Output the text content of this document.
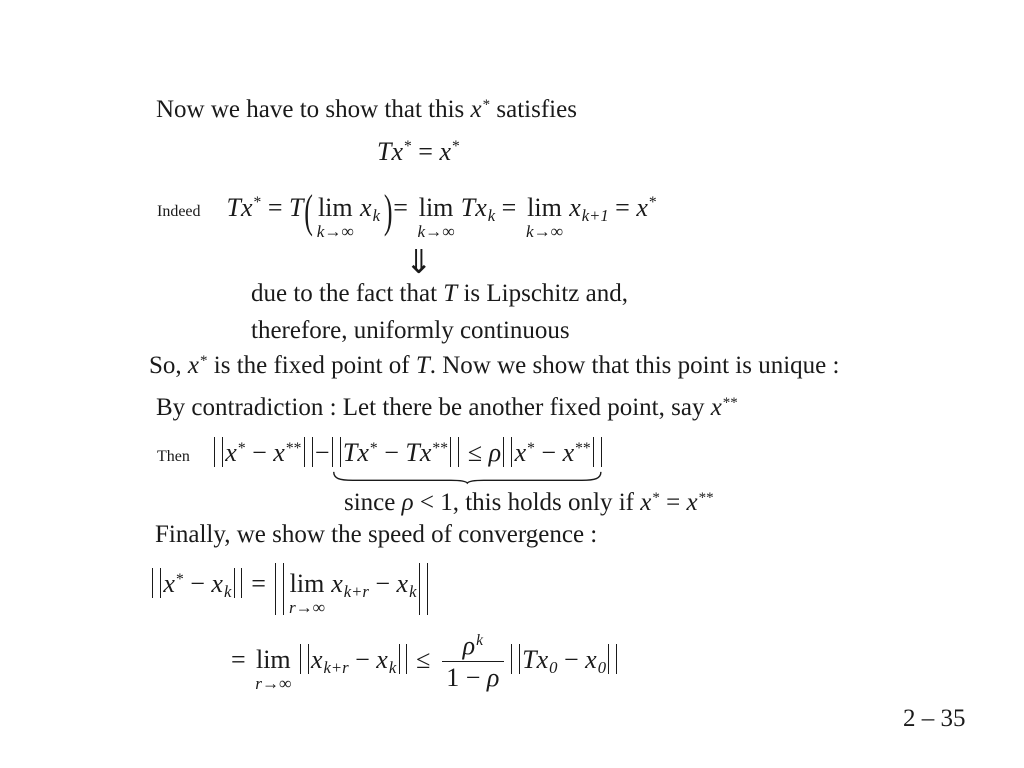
Now we have to show that this x* satisfies
Tx* = x*
Indeed Tx* = T( lim
k→∞
xk )= lim
k→∞
Txk = lim
k→∞
xk+1 = x*
⇓
due to the fact that T is Lipschitz and,
therefore, uniformly continuous
So, x* is the fixed point of T. Now we show that this point is unique :
By contradiction : Let there be another fixed point, say x**
Then	x* − x** − Tx* − Tx** ≤ ρ x* − x**
since ρ < 1, this holds only if x* = x**
Finally, we show the speed of convergence :
x* − xk = lim
r→∞
xk+r − xk
= lim
r→∞
xk+r − xk ≤ $\frac{\rho^k}{1 - \rho} Tx0 - x0$
2 – 35
